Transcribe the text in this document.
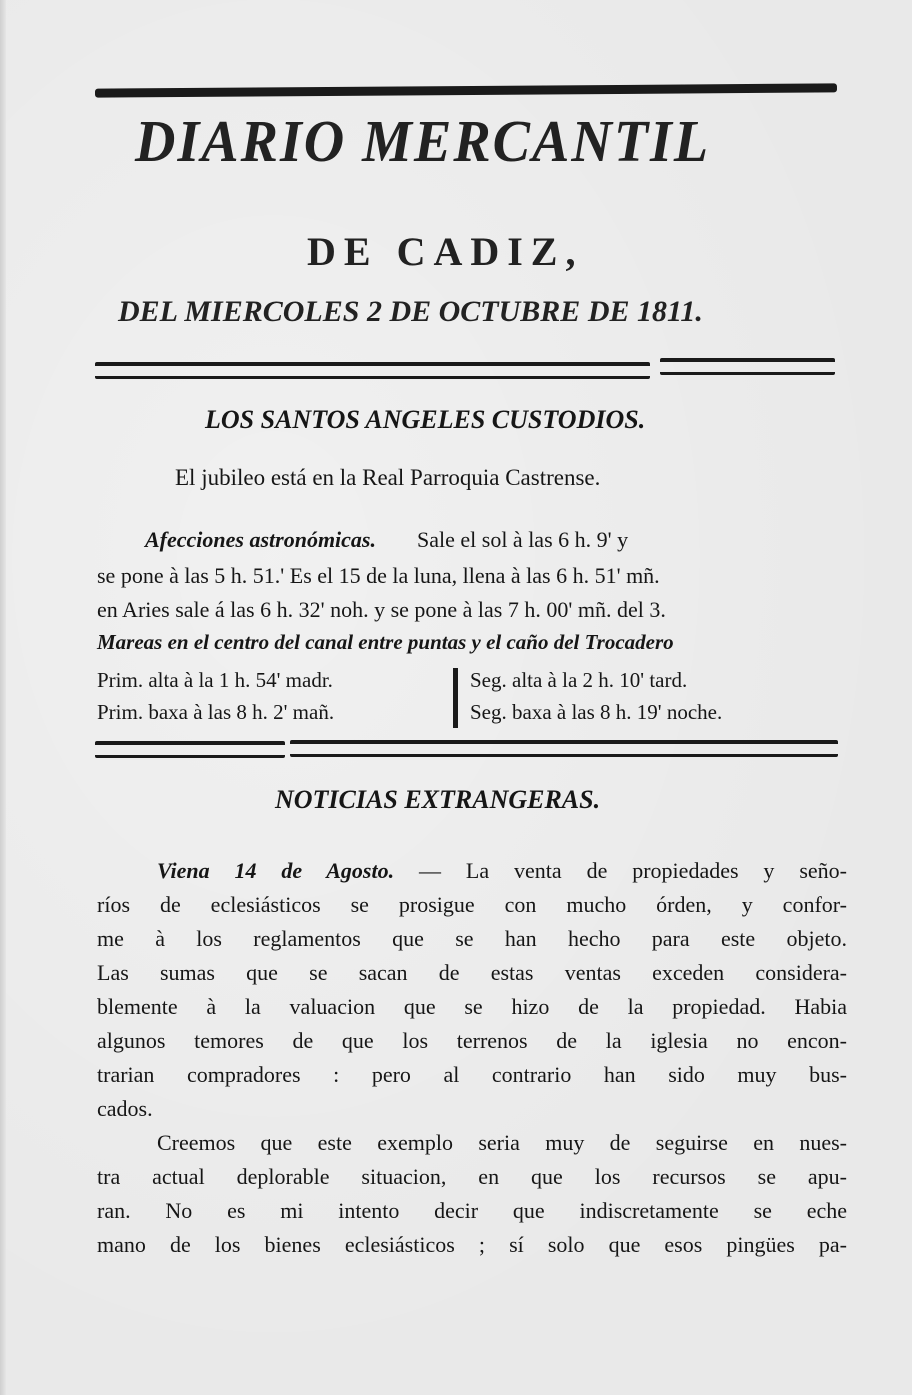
DIARIO MERCANTIL
DE CADIZ,
DEL MIERCOLES 2 DE OCTUBRE DE 1811.
LOS SANTOS ANGELES CUSTODIOS.
El jubileo está en la Real Parroquia Castrense.
Afecciones astronómicas. Sale el sol à las 6 h. 9' y
se pone à las 5 h. 51.' Es el 15 de la luna, llena à las 6 h. 51' mñ.
en Aries sale á las 6 h. 32' noh. y se pone à las 7 h. 00' mñ. del 3.
Mareas en el centro del canal entre puntas y el caño del Trocadero
Prim. alta à la 1 h. 54' madr.
Prim. baxa à las 8 h. 2' mañ.
Seg. alta à la 2 h. 10' tard.
Seg. baxa à las 8 h. 19' noche.
NOTICIAS EXTRANGERAS.
Viena 14 de Agosto. — La venta de propiedades y seño-
ríos de eclesiásticos se prosigue con mucho órden, y confor-
me à los reglamentos que se han hecho para este objeto.
Las sumas que se sacan de estas ventas exceden considera-
blemente à la valuacion que se hizo de la propiedad. Habia
algunos temores de que los terrenos de la iglesia no encon-
trarian compradores : pero al contrario han sido muy bus-
cados.
Creemos que este exemplo seria muy de seguirse en nues-
tra actual deplorable situacion, en que los recursos se apu-
ran. No es mi intento decir que indiscretamente se eche
mano de los bienes eclesiásticos ; sí solo que esos pingües pa-
